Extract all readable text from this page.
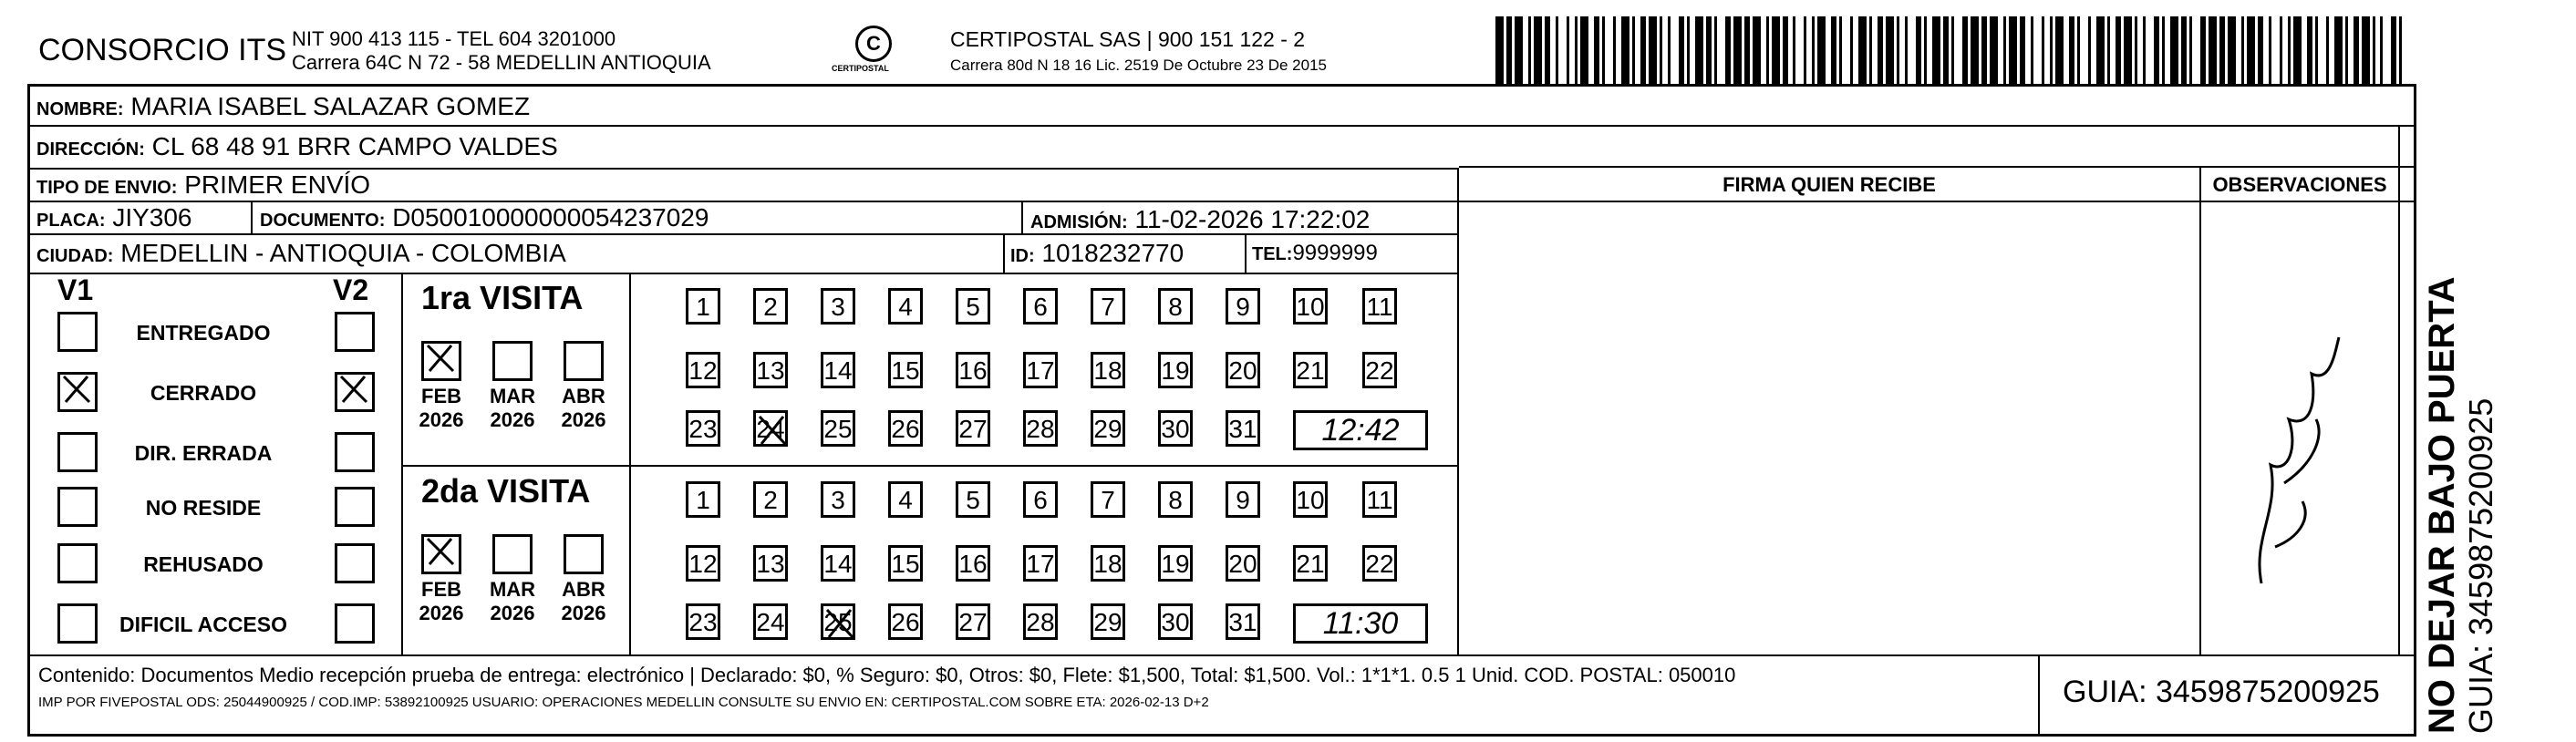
CONSORCIO ITS NIT 900 413 115 - TEL 604 3201000
Carrera 64C N 72 - 58 MEDELLIN ANTIOQUIA
C
CERTIPOSTAL
CERTIPOSTAL SAS | 900 151 122 - 2
Carrera 80d N 18 16 Lic. 2519 De Octubre 23 De 2015
NOMBRE: MARIA ISABEL SALAZAR GOMEZ
DIRECCIÓN: CL 68 48 91 BRR CAMPO VALDES
TIPO DE ENVIO: PRIMER ENVÍO
PLACA: JIY306	DOCUMENTO: D050010000000054237029	ADMISIÓN: 11-02-2026 17:22:02
CIUDAD: MEDELLIN - ANTIOQUIA - COLOMBIA	ID: 1018232770	TEL:9999999
FIRMA QUIEN RECIBE	OBSERVACIONES
V1	V2
ENTREGADO
CERRADO
DIR. ERRADA
NO RESIDE
REHUSADO
DIFICIL ACCESO
1ra VISITA
FEB
2026
MAR
2026
ABR
2026
1	2	3	4	5	6	7	8	9	10 11
12 13 14 15 16 17 18 19 20 21 22
23 24 25 26 27 28 29 30 31	12:42
2da VISITA
FEB
2026
MAR
2026
ABR
2026
1	2	3	4	5	6	7	8	9	10 11
12 13 14 15 16 17 18 19 20 21 22
23 24 25 26 27 28 29 30 31	11:30
Contenido: Documentos Medio recepción prueba de entrega: electrónico | Declarado: $0, % Seguro: $0, Otros: $0, Flete: $1,500, Total: $1,500. Vol.: 1*1*1. 0.5 1 Unid. COD. POSTAL: 050010
IMP POR FIVEPOSTAL ODS: 25044900925 / COD.IMP: 53892100925 USUARIO: OPERACIONES MEDELLIN CONSULTE SU ENVIO EN: CERTIPOSTAL.COM SOBRE ETA: 2026-02-13 D+2	GUIA: 3459875200925 NO DEJAR BAJO PUERTA GUIA: 3459875200925
